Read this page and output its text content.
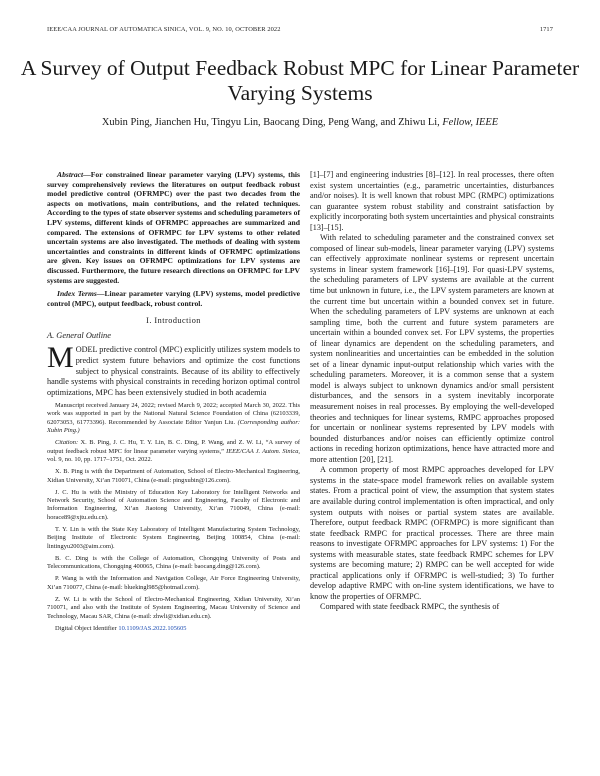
IEEE/CAA JOURNAL OF AUTOMATICA SINICA, VOL. 9, NO. 10, OCTOBER 2022	1717
A Survey of Output Feedback Robust MPC for Linear Parameter Varying Systems
Xubin Ping, Jianchen Hu, Tingyu Lin, Baocang Ding, Peng Wang, and Zhiwu Li, Fellow, IEEE

Abstract—For constrained linear parameter varying (LPV) systems, this survey comprehensively reviews the literatures on output feedback robust model predictive control (OFRMPC) over the past two decades from the aspects on motivations, main contributions, and the related techniques. According to the types of state observer systems and scheduling parameters of LPV systems, different kinds of OFRMPC approaches are summarized and compared. The extensions of OFRMPC for LPV systems to other related uncertain systems are also investigated. The methods of dealing with system uncertainties and constraints in different kinds of OFRMPC optimizations are given. Key issues on OFRMPC optimizations for LPV systems are discussed. Furthermore, the future research directions on OFRMPC for LPV systems are suggested.

Index Terms—Linear parameter varying (LPV) systems, model predictive control (MPC), output feedback, robust control.

I. Introduction
A. General Outline

MODEL predictive control (MPC) explicitly utilizes system models to predict system future behaviors and optimize the cost functions subject to physical constraints. Because of its ability to effectively handle systems with physical constraints in receding horizon optimal control optimizations, MPC has been extensively studied in both academia

Manuscript received January 24, 2022; revised March 9, 2022; accepted March 30, 2022. This work was supported in part by the National Natural Science Foundation of China (62103339, 62073053, 61773396). Recommended by Associate Editor Yanjun Liu. (Corresponding author: Xubin Ping.)

Citation: X. B. Ping, J. C. Hu, T. Y. Lin, B. C. Ding, P. Wang, and Z. W. Li, “A survey of output feedback robust MPC for linear parameter varying systems,” IEEE/CAA J. Autom. Sinica, vol. 9, no. 10, pp. 1717–1751, Oct. 2022.

X. B. Ping is with the Department of Automation, School of Electro-Mechanical Engineering, Xidian University, Xi’an 710071, China (e-mail: pingxubin@126.com).

J. C. Hu is with the Ministry of Education Key Laboratory for Intelligent Networks and Network Security, School of Automation Science and Engineering, Faculty of Electronic and Information Engineering, Xi’an Jiaotong University, Xi’an 710049, China (e-mail: horace89@xjtu.edu.cn).

T. Y. Lin is with the State Key Laboratory of Intelligent Manufacturing System Technology, Beijing Institute of Electronic System Engineering, Beijing 100854, China (e-mail: lintingyu2003@aim.com).

B. C. Ding is with the College of Automation, Chongqing University of Posts and Telecommunications, Chongqing 400065, China (e-mail: baocang.ding@126.com).

P. Wang is with the Information and Navigation College, Air Force Engineering University, Xi’an 710077, China (e-mail: bluekingl985@hotmail.com).

Z. W. Li is with the School of Electro-Mechanical Engineering, Xidian University, Xi’an 710071, and also with the Institute of System Engineering, Macau University of Science and Technology, Macau SAR, China (e-mail: zhwli@xidian.edu.cn).

Digital Object Identifier 10.1109/JAS.2022.105605

[1]–[7] and engineering industries [8]–[12]. In real processes, there often exist system uncertainties (e.g., parametric uncertainties, disturbances and/or noises). It is well known that robust MPC (RMPC) optimizations can guarantee system robust stability and constraint satisfaction by explicitly incorporating both system uncertainties and physical constraints [13]–[15].

With related to scheduling parameter and the constrained convex set composed of linear sub-models, linear parameter varying (LPV) systems can effectively approximate nonlinear systems or represent uncertain systems in linear system framework [16]–[19]. For quasi-LPV systems, the scheduling parameters of LPV systems are available at the current time but unknown in future, i.e., the LPV system parameters are known at the current time but uncertain within a bounded convex set in future. When the scheduling parameters of LPV systems are unknown at each sampling time, both the current and future system parameters are uncertain within a bounded convex set. For LPV systems, the properties of linear dynamics are dependent on the scheduling parameters, and system nonlinearities and uncertainties can be embedded in the solution set of a linear dynamic input-output relationship which varies with the scheduling parameters. Moreover, it is a common sense that a system model is always subject to unknown dynamics and/or small persistent disturbances, and the sensors in a system inevitably incorporate measurement noises in real processes. By employing the well-developed theories and techniques for linear systems, RMPC approaches proposed for uncertain or nonlinear systems represented by LPV models with bounded disturbances and/or noises can efficiently optimize control actions in receding horizon optimizations, hence have attracted more and more attention [20], [21].

A common property of most RMPC approaches developed for LPV systems in the state-space model framework relies on available system states. From a practical point of view, the assumption that system states are available during control implementation is often impractical, and only system outputs with noises or partial system states are available. Therefore, output feedback RMPC (OFRMPC) is more significant than state feedback RMPC for practical processes. There are three main reasons to investigate OFRMPC approaches for LPV systems: 1) For the systems with measurable states, state feedback RMPC schemes for LPV systems are becoming mature; 2) RMPC can be well accepted for wide practical applications only if OFRMPC is well-studied; 3) To further develop adaptive RMPC with on-line system identifications, we have to know the properties of OFRMPC.

Compared with state feedback RMPC, the synthesis of
